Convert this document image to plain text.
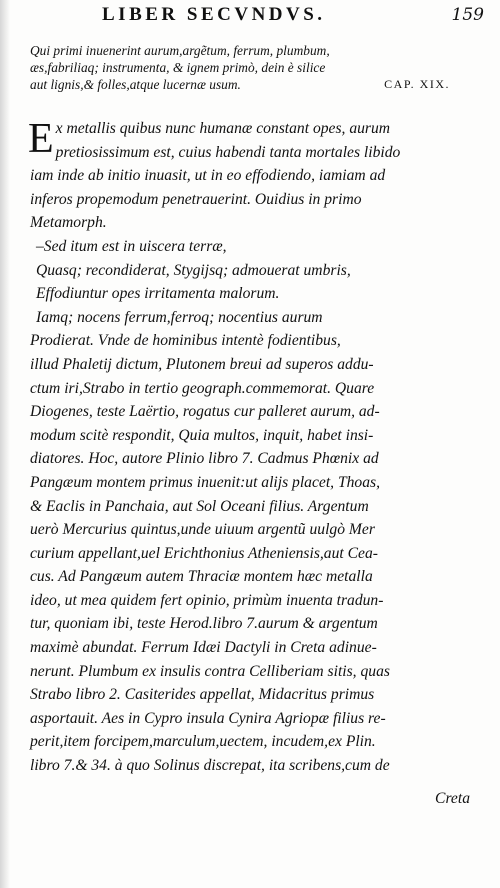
LIBER SECVNDVS.	159
Qui primi inuenerint aurum,argẽtum, ferrum, plumbum,
æs,fabriliaq; instrumenta, & ignem primò, dein è silice
aut lignis,& folles,atque lucernæ usum.	CAP. XIX.
E x metallis quibus nunc humanæ constant opes, aurum
pretiosissimum est, cuius habendi tanta mortales libido
iam inde ab initio inuasit, ut in eo effodiendo, iamiam ad
inferos propemodum penetrauerint. Ouidius in primo
Metamorph.
–Sed itum est in uiscera terræ,
Quasq; recondiderat, Stygijsq; admouerat umbris,
Effodiuntur opes irritamenta malorum.
Iamq; nocens ferrum,ferroq; nocentius aurum
Prodierat. Vnde de hominibus intentè fodientibus,
illud Phaletij dictum, Plutonem breui ad superos addu-
ctum iri,Strabo in tertio geograph.commemorat. Quare
Diogenes, teste Laërtio, rogatus cur palleret aurum, ad-
modum scitè respondit, Quia multos, inquit, habet insi-
diatores. Hoc, autore Plinio libro 7. Cadmus Phœnix ad
Pangæum montem primus inuenit:ut alijs placet, Thoas,
& Eaclis in Panchaia, aut Sol Oceani filius. Argentum
uerò Mercurius quintus,unde uiuum argentũ uulgò Mer
curium appellant,uel Erichthonius Atheniensis,aut Cea-
cus. Ad Pangæum autem Thraciæ montem hæc metalla
ideo, ut mea quidem fert opinio, primùm inuenta tradun-
tur, quoniam ibi, teste Herod.libro 7.aurum & argentum
maximè abundat. Ferrum Idæi Dactyli in Creta adinue-
nerunt. Plumbum ex insulis contra Celliberiam sitis, quas
Strabo libro 2. Casiterides appellat, Midacritus primus
asportauit. Aes in Cypro insula Cynira Agriopæ filius re-
perit,item forcipem,marculum,uectem, incudem,ex Plin.
libro 7.& 34. à quo Solinus discrepat, ita scribens,cum de
Creta
